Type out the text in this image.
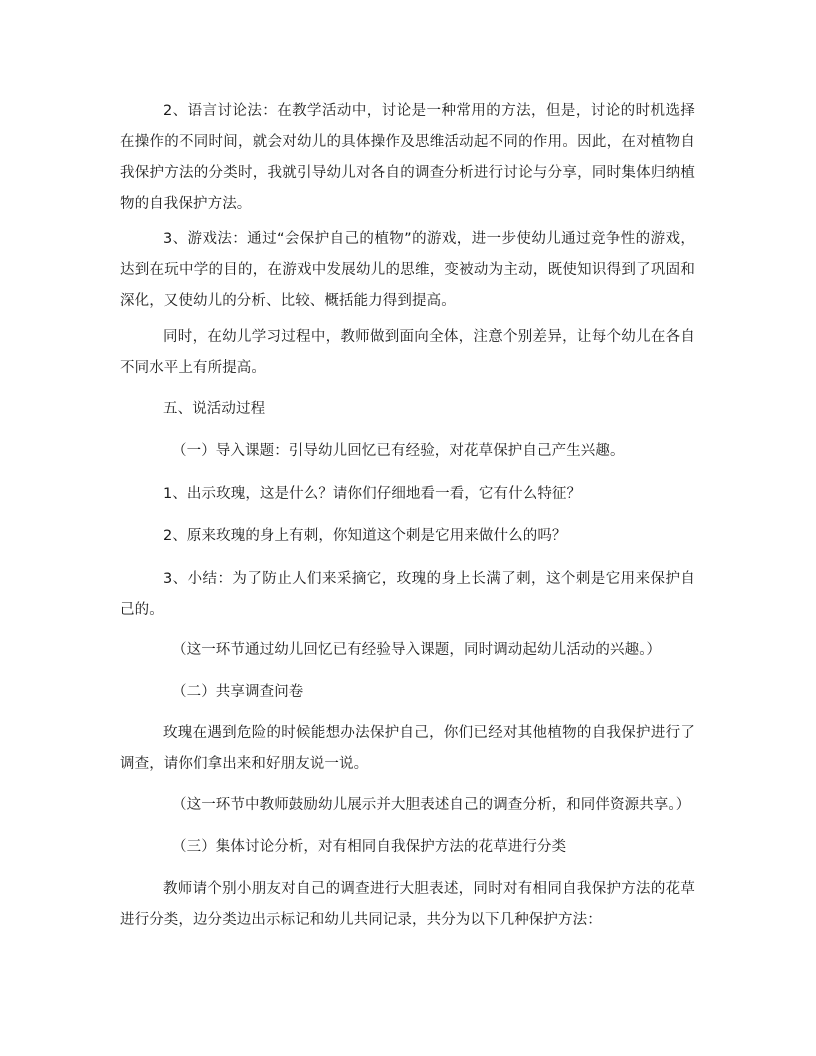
2、语言讨论法：在教学活动中，讨论是一种常用的方法，但是，讨论的时机选择在操作的不同时间，就会对幼儿的具体操作及思维活动起不同的作用。因此，在对植物自我保护方法的分类时，我就引导幼儿对各自的调查分析进行讨论与分享，同时集体归纳植物的自我保护方法。

3、游戏法：通过“会保护自己的植物”的游戏，进一步使幼儿通过竞争性的游戏，达到在玩中学的目的，在游戏中发展幼儿的思维，变被动为主动，既使知识得到了巩固和深化，又使幼儿的分析、比较、概括能力得到提高。

同时，在幼儿学习过程中，教师做到面向全体，注意个别差异，让每个幼儿在各自不同水平上有所提高。

五、说活动过程

（一）导入课题：引导幼儿回忆已有经验，对花草保护自己产生兴趣。

1、出示玫瑰，这是什么？请你们仔细地看一看，它有什么特征？

2、原来玫瑰的身上有刺，你知道这个刺是它用来做什么的吗？

3、小结：为了防止人们来采摘它，玫瑰的身上长满了刺，这个刺是它用来保护自己的。

（这一环节通过幼儿回忆已有经验导入课题，同时调动起幼儿活动的兴趣。）

（二）共享调查问卷

玫瑰在遇到危险的时候能想办法保护自己，你们已经对其他植物的自我保护进行了调查，请你们拿出来和好朋友说一说。

（这一环节中教师鼓励幼儿展示并大胆表述自己的调查分析，和同伴资源共享。）

（三）集体讨论分析，对有相同自我保护方法的花草进行分类

教师请个别小朋友对自己的调查进行大胆表述，同时对有相同自我保护方法的花草进行分类，边分类边出示标记和幼儿共同记录，共分为以下几种保护方法：
